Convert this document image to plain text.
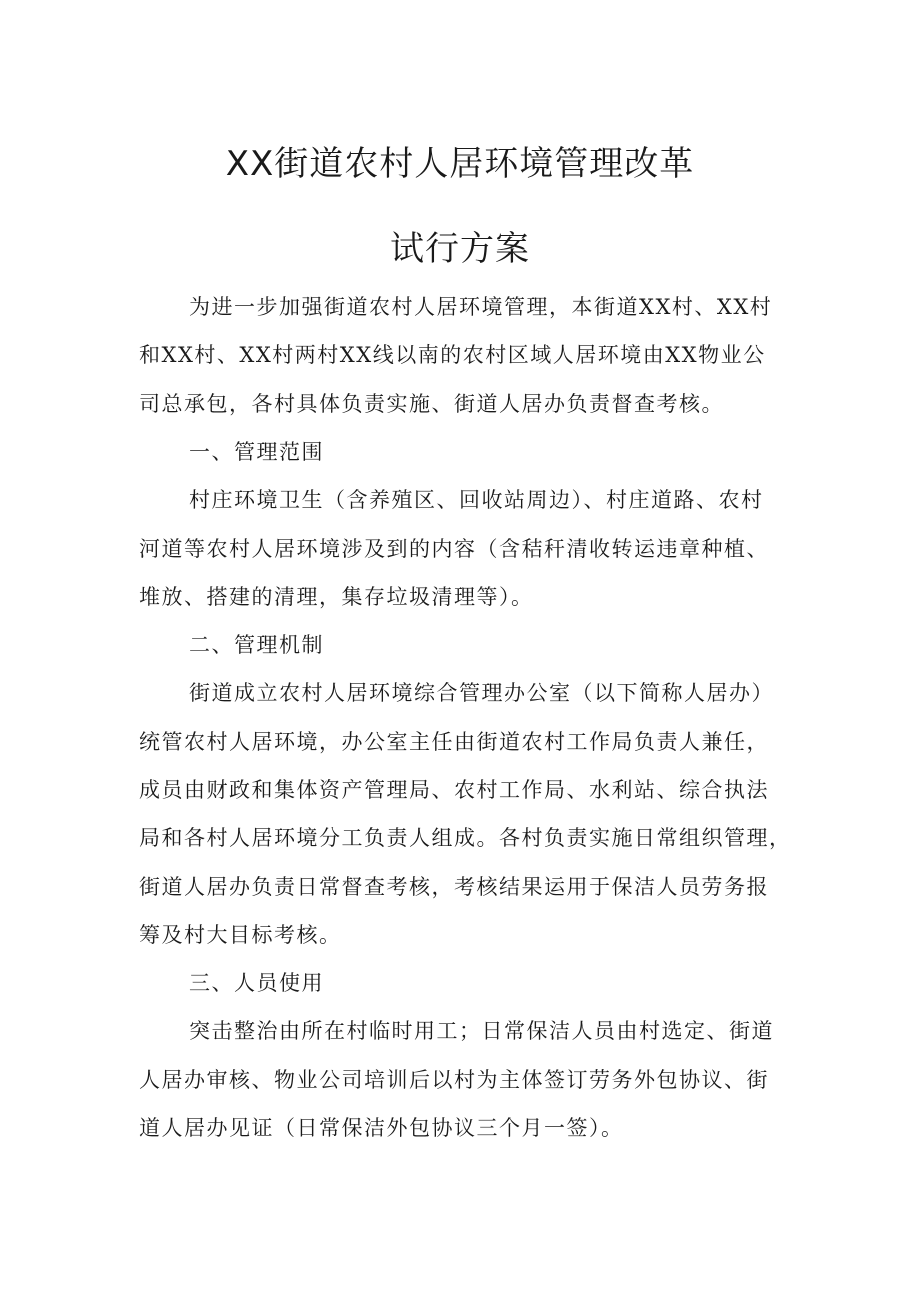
XX街道农村人居环境管理改革
试行方案

为进一步加强街道农村人居环境管理，本街道XX村、XX村

和XX村、XX村两村XX线以南的农村区域人居环境由XX物业公

司总承包，各村具体负责实施、街道人居办负责督查考核。

一、管理范围

村庄环境卫生（含养殖区、回收站周边）、村庄道路、农村

河道等农村人居环境涉及到的内容（含秸秆清收转运违章种植、

堆放、搭建的清理，集存垃圾清理等）。

二、管理机制

街道成立农村人居环境综合管理办公室（以下简称人居办）

统管农村人居环境，办公室主任由街道农村工作局负责人兼任，

成员由财政和集体资产管理局、农村工作局、水利站、综合执法

局和各村人居环境分工负责人组成。各村负责实施日常组织管理，

街道人居办负责日常督查考核，考核结果运用于保洁人员劳务报

筹及村大目标考核。

三、人员使用

突击整治由所在村临时用工；日常保洁人员由村选定、街道

人居办审核、物业公司培训后以村为主体签订劳务外包协议、街

道人居办见证（日常保洁外包协议三个月一签）。
